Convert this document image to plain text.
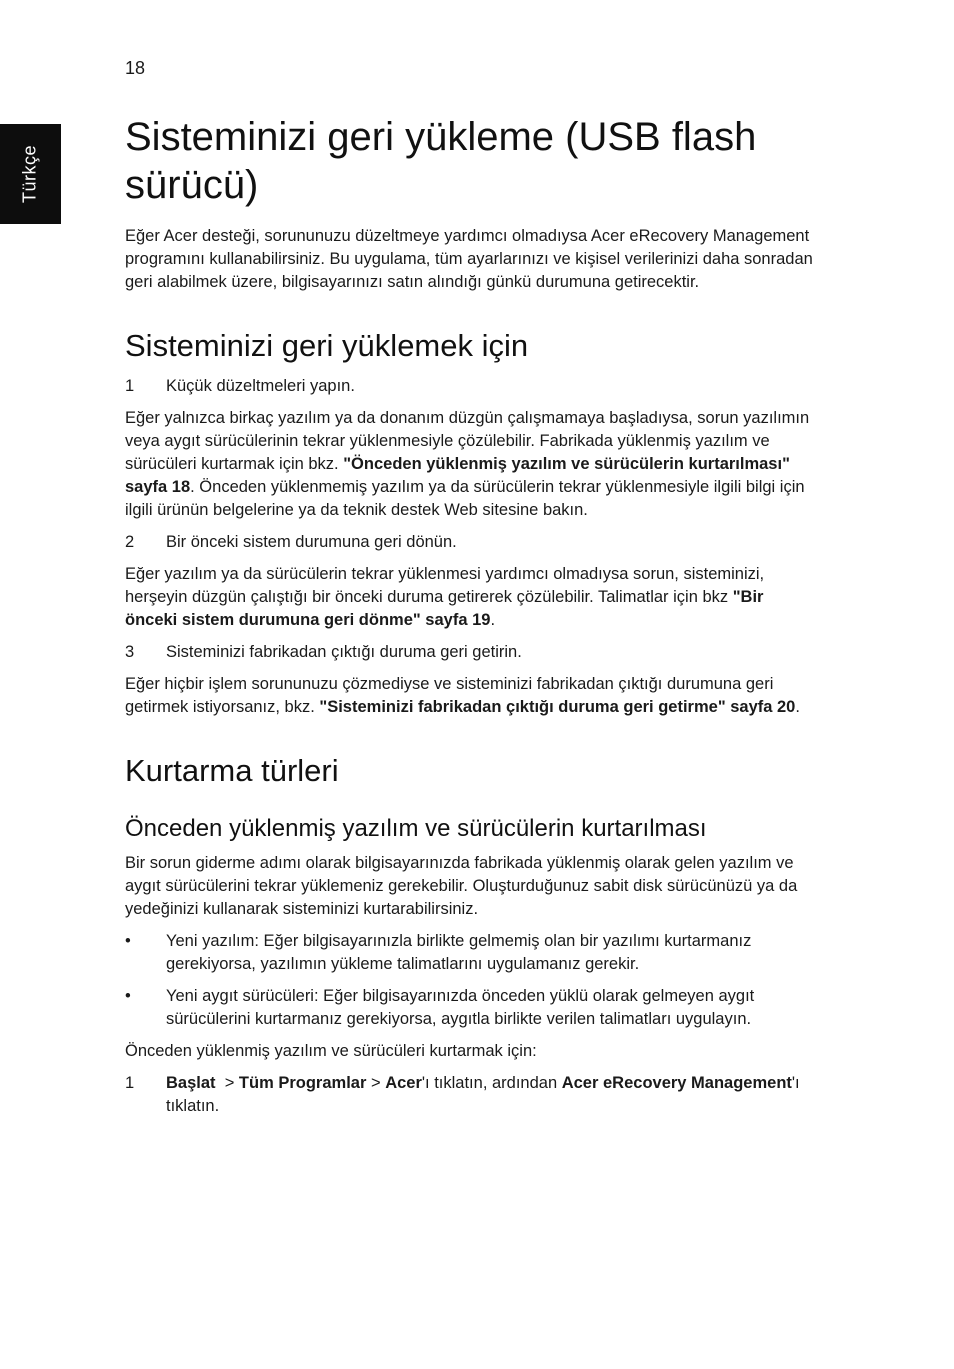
18
Türkçe
Sisteminizi geri yükleme (USB flash sürücü)

Eğer Acer desteği, sorununuzu düzeltmeye yardımcı olmadıysa Acer eRecovery Management programını kullanabilirsiniz. Bu uygulama, tüm ayarlarınızı ve kişisel verilerinizi daha sonradan geri alabilmek üzere, bilgisayarınızı satın alındığı günkü durumuna getirecektir.

Sisteminizi geri yüklemek için
1	Küçük düzeltmeleri yapın.

Eğer yalnızca birkaç yazılım ya da donanım düzgün çalışmamaya başladıysa, sorun yazılımın veya aygıt sürücülerinin tekrar yüklenmesiyle çözülebilir. Fabrikada yüklenmiş yazılım ve sürücüleri kurtarmak için bkz. "Önceden yüklenmiş yazılım ve sürücülerin kurtarılması" sayfa 18. Önceden yüklenmemiş yazılım ya da sürücülerin tekrar yüklenmesiyle ilgili bilgi için ilgili ürünün belgelerine ya da teknik destek Web sitesine bakın.

2	Bir önceki sistem durumuna geri dönün.

Eğer yazılım ya da sürücülerin tekrar yüklenmesi yardımcı olmadıysa sorun, sisteminizi, herşeyin düzgün çalıştığı bir önceki duruma getirerek çözülebilir. Talimatlar için bkz "Bir önceki sistem durumuna geri dönme" sayfa 19.

3	Sisteminizi fabrikadan çıktığı duruma geri getirin.

Eğer hiçbir işlem sorununuzu çözmediyse ve sisteminizi fabrikadan çıktığı durumuna geri getirmek istiyorsanız, bkz. "Sisteminizi fabrikadan çıktığı duruma geri getirme" sayfa 20.

Kurtarma türleri
Önceden yüklenmiş yazılım ve sürücülerin kurtarılması

Bir sorun giderme adımı olarak bilgisayarınızda fabrikada yüklenmiş olarak gelen yazılım ve aygıt sürücülerini tekrar yüklemeniz gerekebilir. Oluşturduğunuz sabit disk sürücünüzü ya da yedeğinizi kullanarak sisteminizi kurtarabilirsiniz.

•	Yeni yazılım: Eğer bilgisayarınızla birlikte gelmemiş olan bir yazılımı kurtarmanız gerekiyorsa, yazılımın yükleme talimatlarını uygulamanız gerekir.
•	Yeni aygıt sürücüleri: Eğer bilgisayarınızda önceden yüklü olarak gelmeyen aygıt sürücülerini kurtarmanız gerekiyorsa, aygıtla birlikte verilen talimatları uygulayın.

Önceden yüklenmiş yazılım ve sürücüleri kurtarmak için:

1	Başlat  > Tüm Programlar > Acer'ı tıklatın, ardından Acer eRecovery Management'ı tıklatın.
